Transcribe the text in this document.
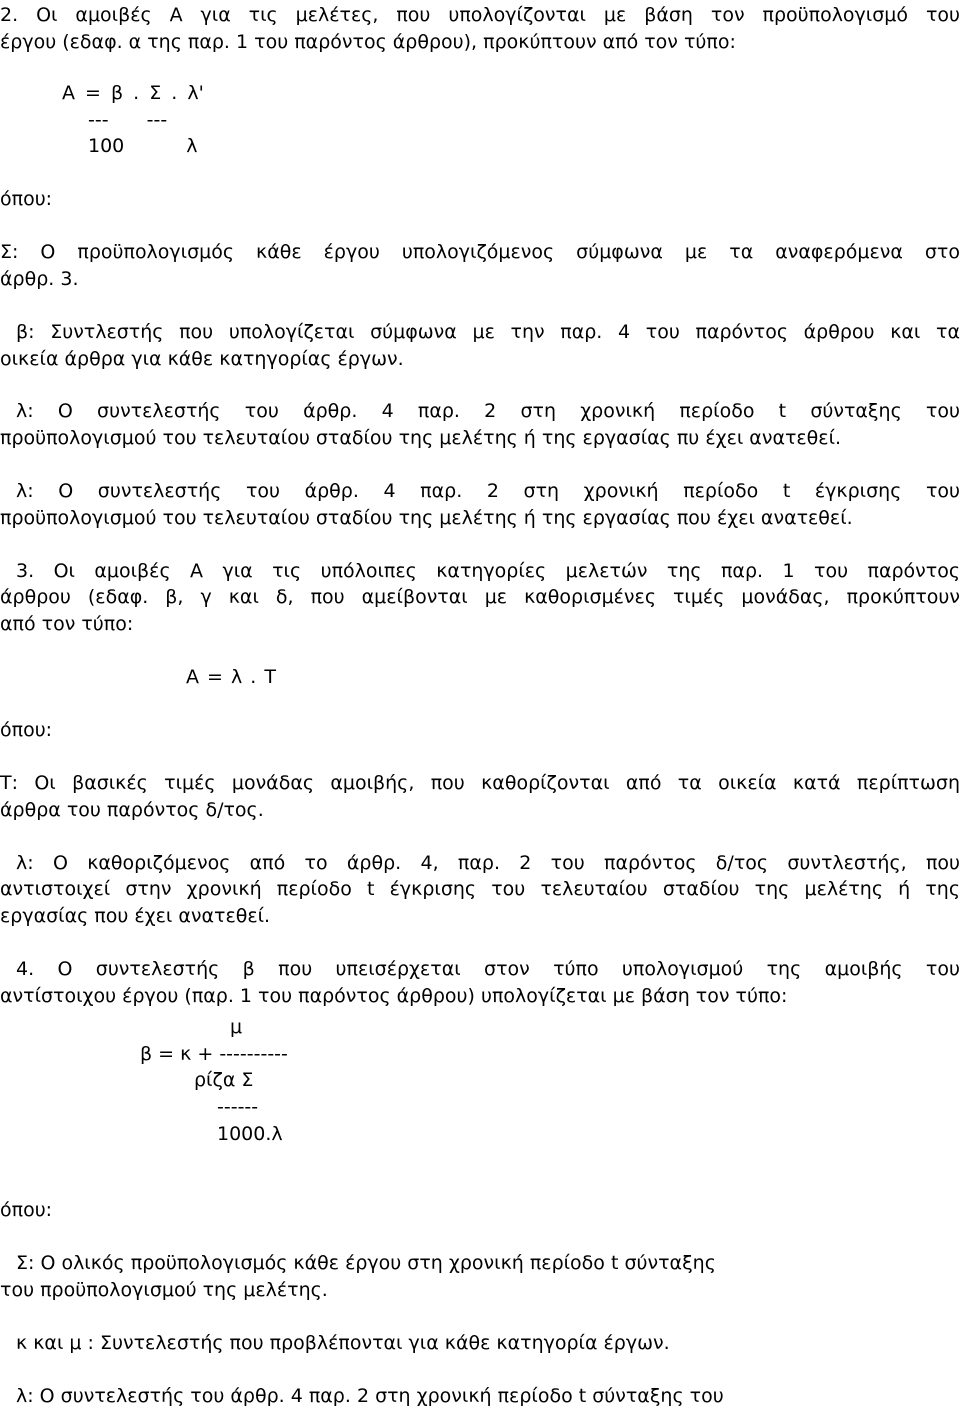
2. Οι αμοιβές Α για τις μελέτες, που υπολογίζονται με βάση τον προϋπολογισμό του
έργου (εδαφ. α της παρ. 1 του παρόντος άρθρου), προκύπτουν από τον τύπο:
Α = β . Σ . λ'
--- ---
100 λ
όπου:
Σ: Ο προϋπολογισμός κάθε έργου υπολογιζόμενος σύμφωνα με τα αναφερόμενα στο
άρθρ. 3.
β: Συντλεστής που υπολογίζεται σύμφωνα με την παρ. 4 του παρόντος άρθρου και τα
οικεία άρθρα για κάθε κατηγορίας έργων.
λ: Ο συντελεστής του άρθρ. 4 παρ. 2 στη χρονική περίοδο t σύνταξης του
προϋπολογισμού του τελευταίου σταδίου της μελέτης ή της εργασίας πυ έχει ανατεθεί.
λ: Ο συντελεστής του άρθρ. 4 παρ. 2 στη χρονική περίοδο t έγκρισης του
προϋπολογισμού του τελευταίου σταδίου της μελέτης ή της εργασίας που έχει ανατεθεί.
3. Οι αμοιβές Α για τις υπόλοιπες κατηγορίες μελετών της παρ. 1 του παρόντος
άρθρου (εδαφ. β, γ και δ, που αμείβονται με καθορισμένες τιμές μονάδας, προκύπτουν
από τον τύπο:
Α = λ . Τ
όπου:
Τ: Οι βασικές τιμές μονάδας αμοιβής, που καθορίζονται από τα οικεία κατά περίπτωση
άρθρα του παρόντος δ/τος.
λ: Ο καθοριζόμενος από το άρθρ. 4, παρ. 2 του παρόντος δ/τος συντλεστής, που
αντιστοιχεί στην χρονική περίοδο t έγκρισης του τελευταίου σταδίου της μελέτης ή της
εργασίας που έχει ανατεθεί.
4. Ο συντελεστής β που υπεισέρχεται στον τύπο υπολογισμού της αμοιβής του
αντίστοιχου έργου (παρ. 1 του παρόντος άρθρου) υπολογίζεται με βάση τον τύπο:
μ
β = κ + ----------
ρίζα Σ
------
1000.λ
όπου:
Σ: Ο ολικός προϋπολογισμός κάθε έργου στη χρονική περίοδο t σύνταξης
του προϋπολογισμού της μελέτης.
κ και μ : Συντελεστής που προβλέπονται για κάθε κατηγορία έργων.
λ: Ο συντελεστής του άρθρ. 4 παρ. 2 στη χρονική περίοδο t σύνταξης του
